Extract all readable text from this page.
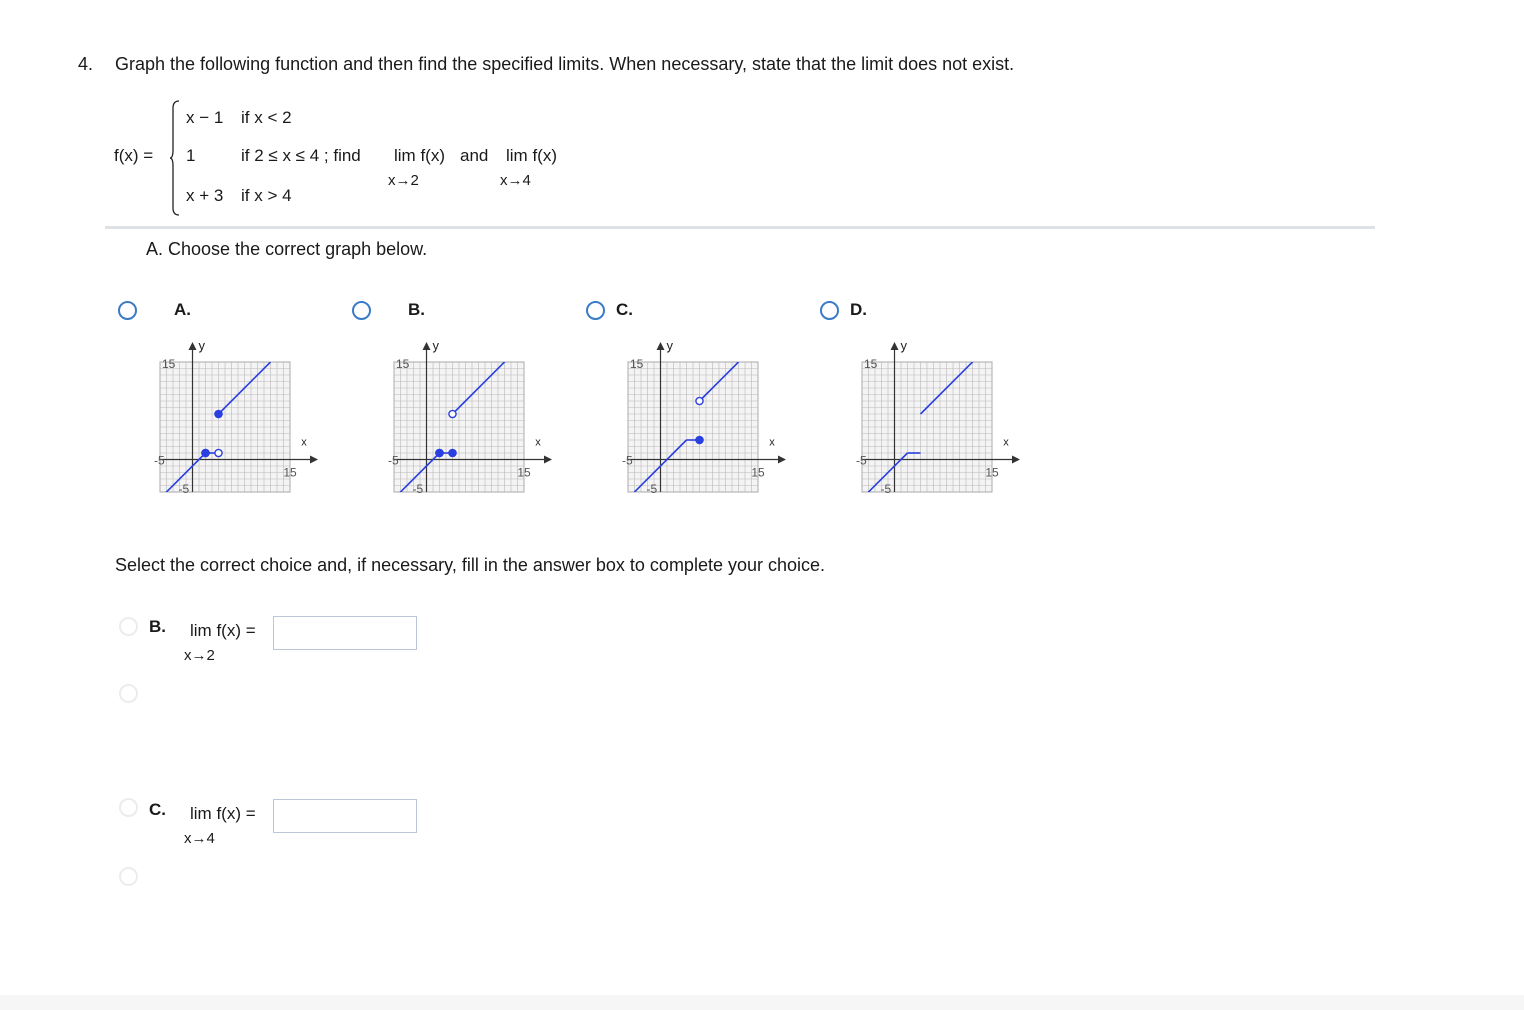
4. Graph the following function and then find the specified limits. When necessary, state that the limit does not exist.
f(x) =
x − 1 if x < 2
1	if 2 ≤ x ≤ 4 ; find lim f(x) and lim f(x)
x→2	x→4
x + 3 if x > 4
A. Choose the correct graph below.
A.	B.	C.	D.
y
x
15
15
-5
-5
y
x
15
15
-5
-5
y
x
15
15
-5
-5
y
x
15
15
-5
-5
Select the correct choice and, if necessary, fill in the answer box to complete your choice.
B. lim f(x) =
x→2
C. lim f(x) =
x→4
